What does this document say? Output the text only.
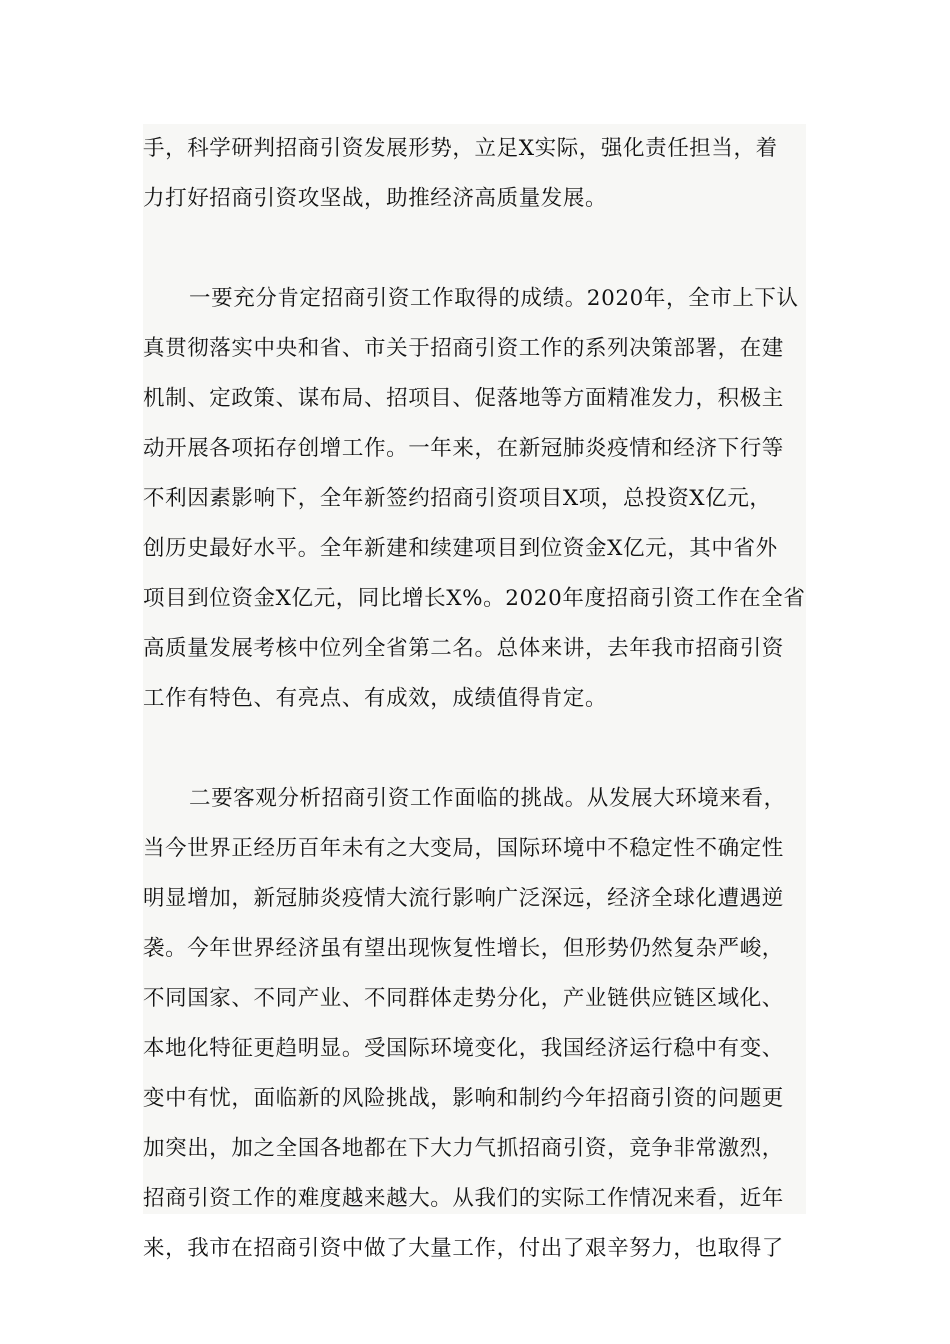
手，科学研判招商引资发展形势，立足X实际，强化责任担当，着
力打好招商引资攻坚战，助推经济高质量发展。
一要充分肯定招商引资工作取得的成绩。2020年，全市上下认
真贯彻落实中央和省、市关于招商引资工作的系列决策部署，在建
机制、定政策、谋布局、招项目、促落地等方面精准发力，积极主
动开展各项拓存创增工作。一年来，在新冠肺炎疫情和经济下行等
不利因素影响下，全年新签约招商引资项目X项，总投资X亿元，
创历史最好水平。全年新建和续建项目到位资金X亿元，其中省外
项目到位资金X亿元，同比增长X%。2020年度招商引资工作在全省
高质量发展考核中位列全省第二名。总体来讲，去年我市招商引资
工作有特色、有亮点、有成效，成绩值得肯定。
二要客观分析招商引资工作面临的挑战。从发展大环境来看，
当今世界正经历百年未有之大变局，国际环境中不稳定性不确定性
明显增加，新冠肺炎疫情大流行影响广泛深远，经济全球化遭遇逆
袭。今年世界经济虽有望出现恢复性增长，但形势仍然复杂严峻，
不同国家、不同产业、不同群体走势分化，产业链供应链区域化、
本地化特征更趋明显。受国际环境变化，我国经济运行稳中有变、
变中有忧，面临新的风险挑战，影响和制约今年招商引资的问题更
加突出，加之全国各地都在下大力气抓招商引资，竞争非常激烈，
招商引资工作的难度越来越大。从我们的实际工作情况来看，近年
来，我市在招商引资中做了大量工作，付出了艰辛努力，也取得了
